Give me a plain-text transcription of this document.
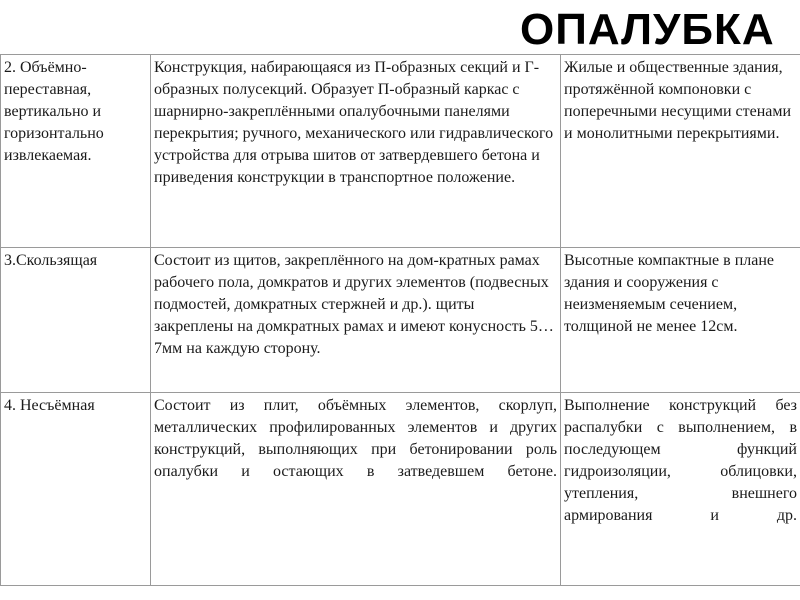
ОПАЛУБКА
2. Объёмно-переставная, вертикально и горизонтально извлекаемая.	Конструкция, набирающаяся из П-образных секций и Г-образных полусекций. Образует П-образный каркас с шарнирно-закреплёнными опалубочными панелями перекрытия; ручного, механического или гидравлического устройства для отрыва шитов от затвердевшего бетона и приведения конструкции в транспортное положение.	Жилые и общественные здания, протяжённой компоновки с поперечными несущими стенами и монолитными перекрытиями.
3.Скользящая	Состоит из щитов, закреплённого на дом-кратных рамах рабочего пола, домкратов и других элементов (подвесных подмостей, домкратных стержней и др.). щиты закреплены на домкратных рамах и имеют конусность 5…7мм на каждую сторону.	Высотные компактные в плане здания и сооружения с неизменяемым сечением, толщиной не менее 12см.
4. Несъёмная	Состоит из плит, объёмных элементов, скорлуп, металлических профилированных элементов и других конструкций, выполняющих при бетонировании роль опалубки и остающих в затведевшем бетоне.	Выполнение конструкций без распалубки с выполнением, в последующем функций гидроизоляции, облицовки, утепления, внешнего армирования и др.
